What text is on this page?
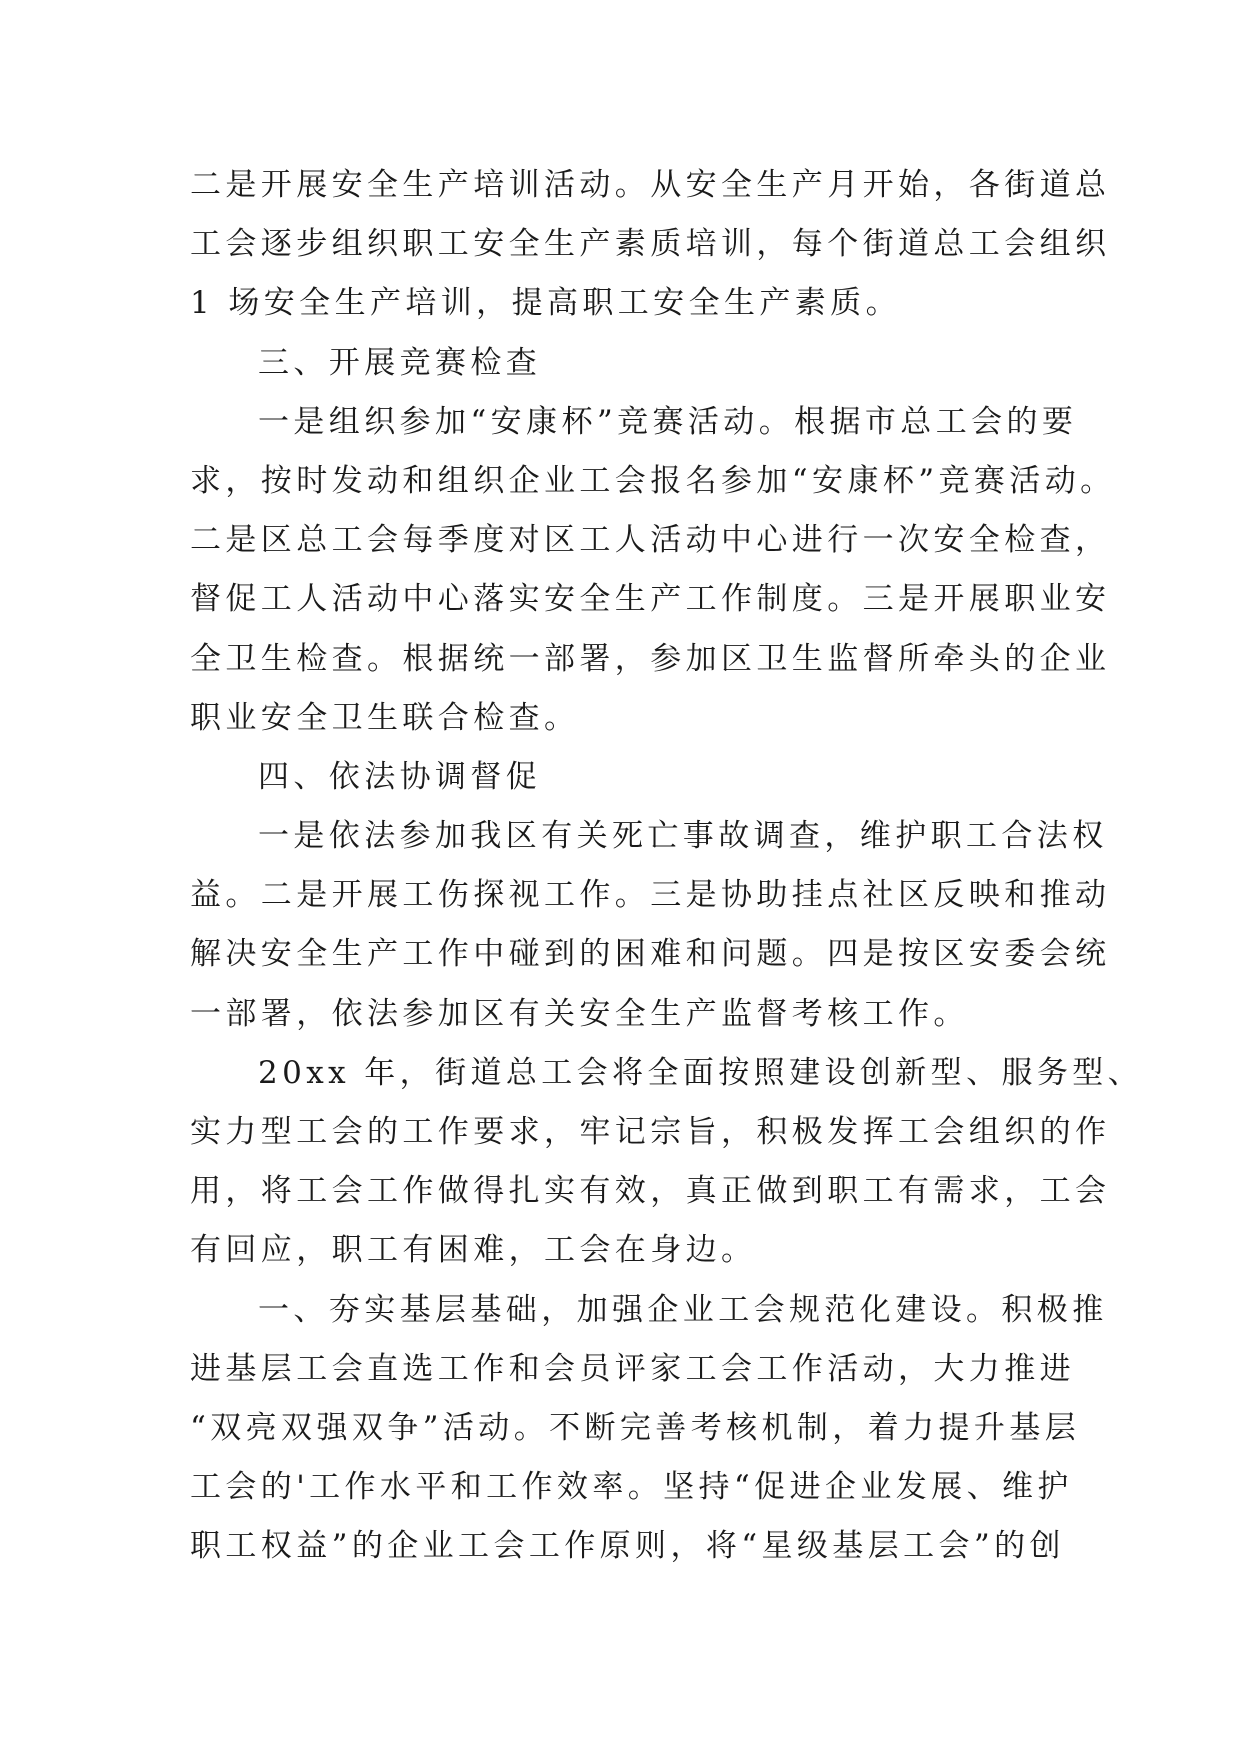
二是开展安全生产培训活动。从安全生产月开始，各街道总
工会逐步组织职工安全生产素质培训，每个街道总工会组织
1 场安全生产培训，提高职工安全生产素质。
三、开展竞赛检查
一是组织参加“安康杯”竞赛活动。根据市总工会的要
求，按时发动和组织企业工会报名参加“安康杯”竞赛活动。
二是区总工会每季度对区工人活动中心进行一次安全检查，
督促工人活动中心落实安全生产工作制度。三是开展职业安
全卫生检查。根据统一部署，参加区卫生监督所牵头的企业
职业安全卫生联合检查。
四、依法协调督促
一是依法参加我区有关死亡事故调查，维护职工合法权
益。二是开展工伤探视工作。三是协助挂点社区反映和推动
解决安全生产工作中碰到的困难和问题。四是按区安委会统
一部署，依法参加区有关安全生产监督考核工作。
20xx 年，街道总工会将全面按照建设创新型、服务型、
实力型工会的工作要求，牢记宗旨，积极发挥工会组织的作
用，将工会工作做得扎实有效，真正做到职工有需求，工会
有回应，职工有困难，工会在身边。
一、夯实基层基础，加强企业工会规范化建设。积极推
进基层工会直选工作和会员评家工会工作活动，大力推进
“双亮双强双争”活动。不断完善考核机制，着力提升基层
工会的'工作水平和工作效率。坚持“促进企业发展、维护
职工权益”的企业工会工作原则，将“星级基层工会”的创
